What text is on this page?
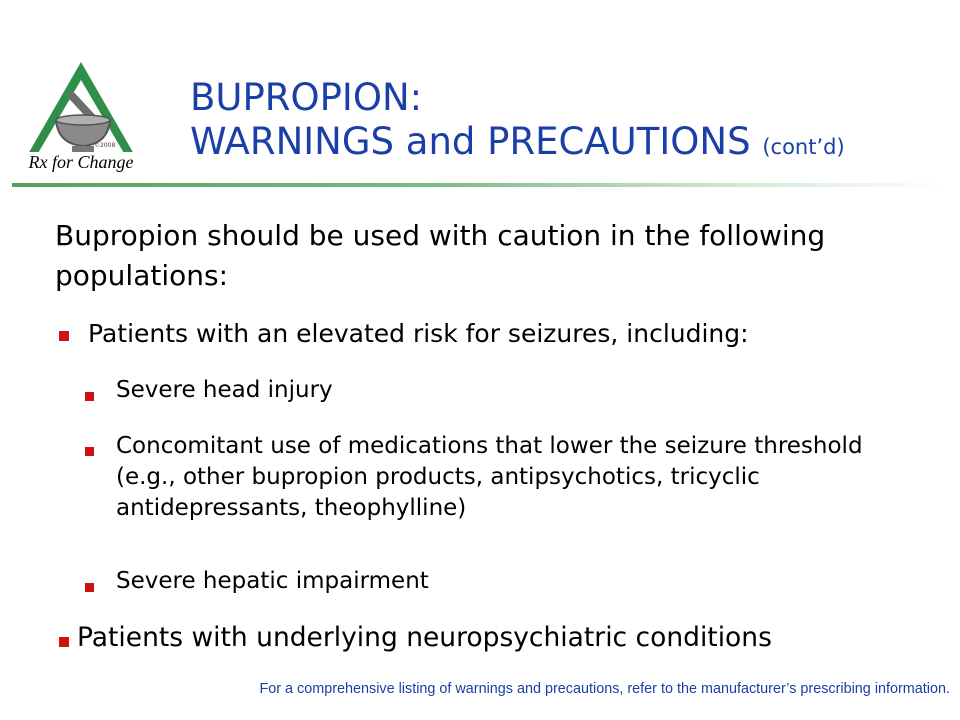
©2008
Rx for Change
BUPROPION:
WARNINGS and PRECAUTIONS (cont’d)
Bupropion should be used with caution in the following populations:
Patients with an elevated risk for seizures, including:
Severe head injury
Concomitant use of medications that lower the seizure threshold (e.g., other bupropion products, antipsychotics, tricyclic antidepressants, theophylline)
Severe hepatic impairment
Patients with underlying neuropsychiatric conditions
For a comprehensive listing of warnings and precautions, refer to the manufacturer’s prescribing information.
